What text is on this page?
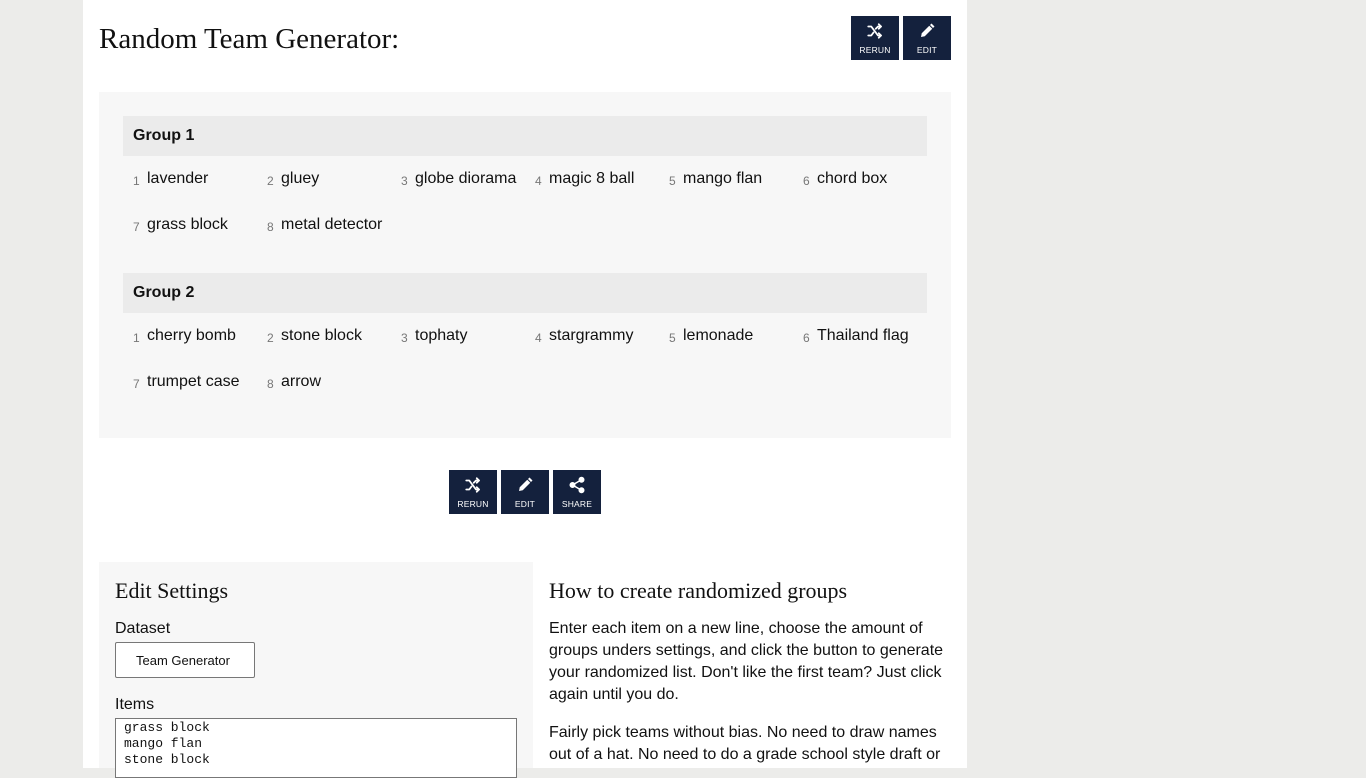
Random Team Generator:	RERUN	EDIT
Group 1
1 lavender	2 gluey	3 globe diorama 4 magic 8 ball	5 mango flan	6 chord box
7 grass block	8 metal detector
Group 2
1 cherry bomb	2 stone block	3 tophaty	4 stargrammy	5 lemonade	6 Thailand flag
7 trumpet case 8 arrow
RERUN	EDIT	SHARE
Edit Settings
Dataset
Team Generator
Items
grass block
mango flan
stone block
How to create randomized groups

Enter each item on a new line, choose the amount of groups unders settings, and click the button to generate your randomized list. Don't like the first team? Just click again until you do.

Fairly pick teams without bias. No need to draw names out of a hat. No need to do a grade school style draft or
